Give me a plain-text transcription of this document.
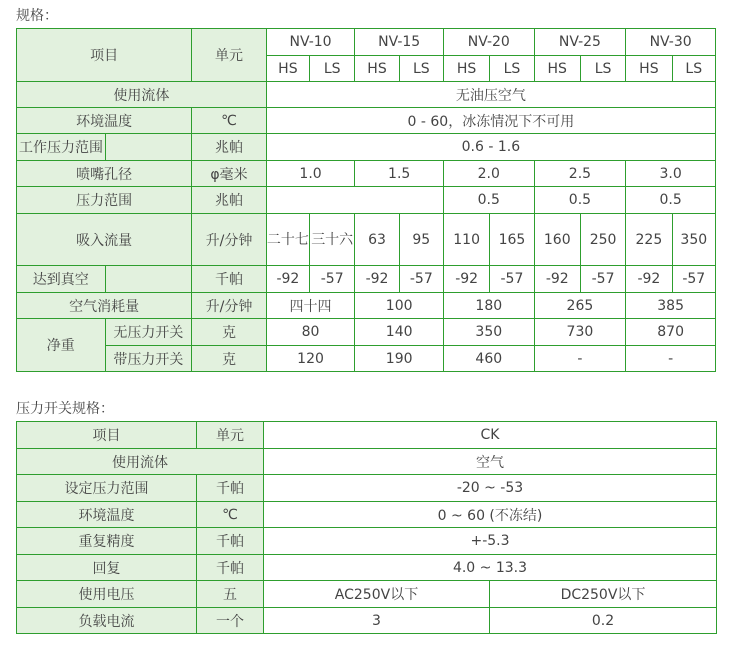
规格：
项目		单元	NV-10		NV-15		NV-20		NV-25		NV-30	
			HS	LS	HS	LS	HS	LS	HS	LS	HS	LS
使用流体			无油压空气									
环境温度		℃	0 - 60，冰冻情况下不可用									
工作压力范围		兆帕	0.6 - 1.6									
喷嘴孔径		φ毫米	1.0		1.5		2.0		2.5		3.0	
压力范围		兆帕					0.5		0.5		0.5	
吸入流量		升/分钟	二十七	三十六	63	95	110	165	160	250	225	350
达到真空		千帕	-92	-57	-92	-57	-92	-57	-92	-57	-92	-57
空气消耗量		升/分钟	四十四		100		180		265		385	
净重	无压力开关	克	80		140		350		730		870	
	带压力开关	克	120		190		460		-		-	
压力开关规格：
项目	单元	CK	
使用流体		空气	
设定压力范围	千帕	-20 ~ -53	
环境温度	℃	0 ~ 60 (不冻结)	
重复精度	千帕	+-5.3	
回复	千帕	4.0 ~ 13.3	
使用电压	五	AC250V以下	DC250V以下
负载电流	一个	3	0.2
